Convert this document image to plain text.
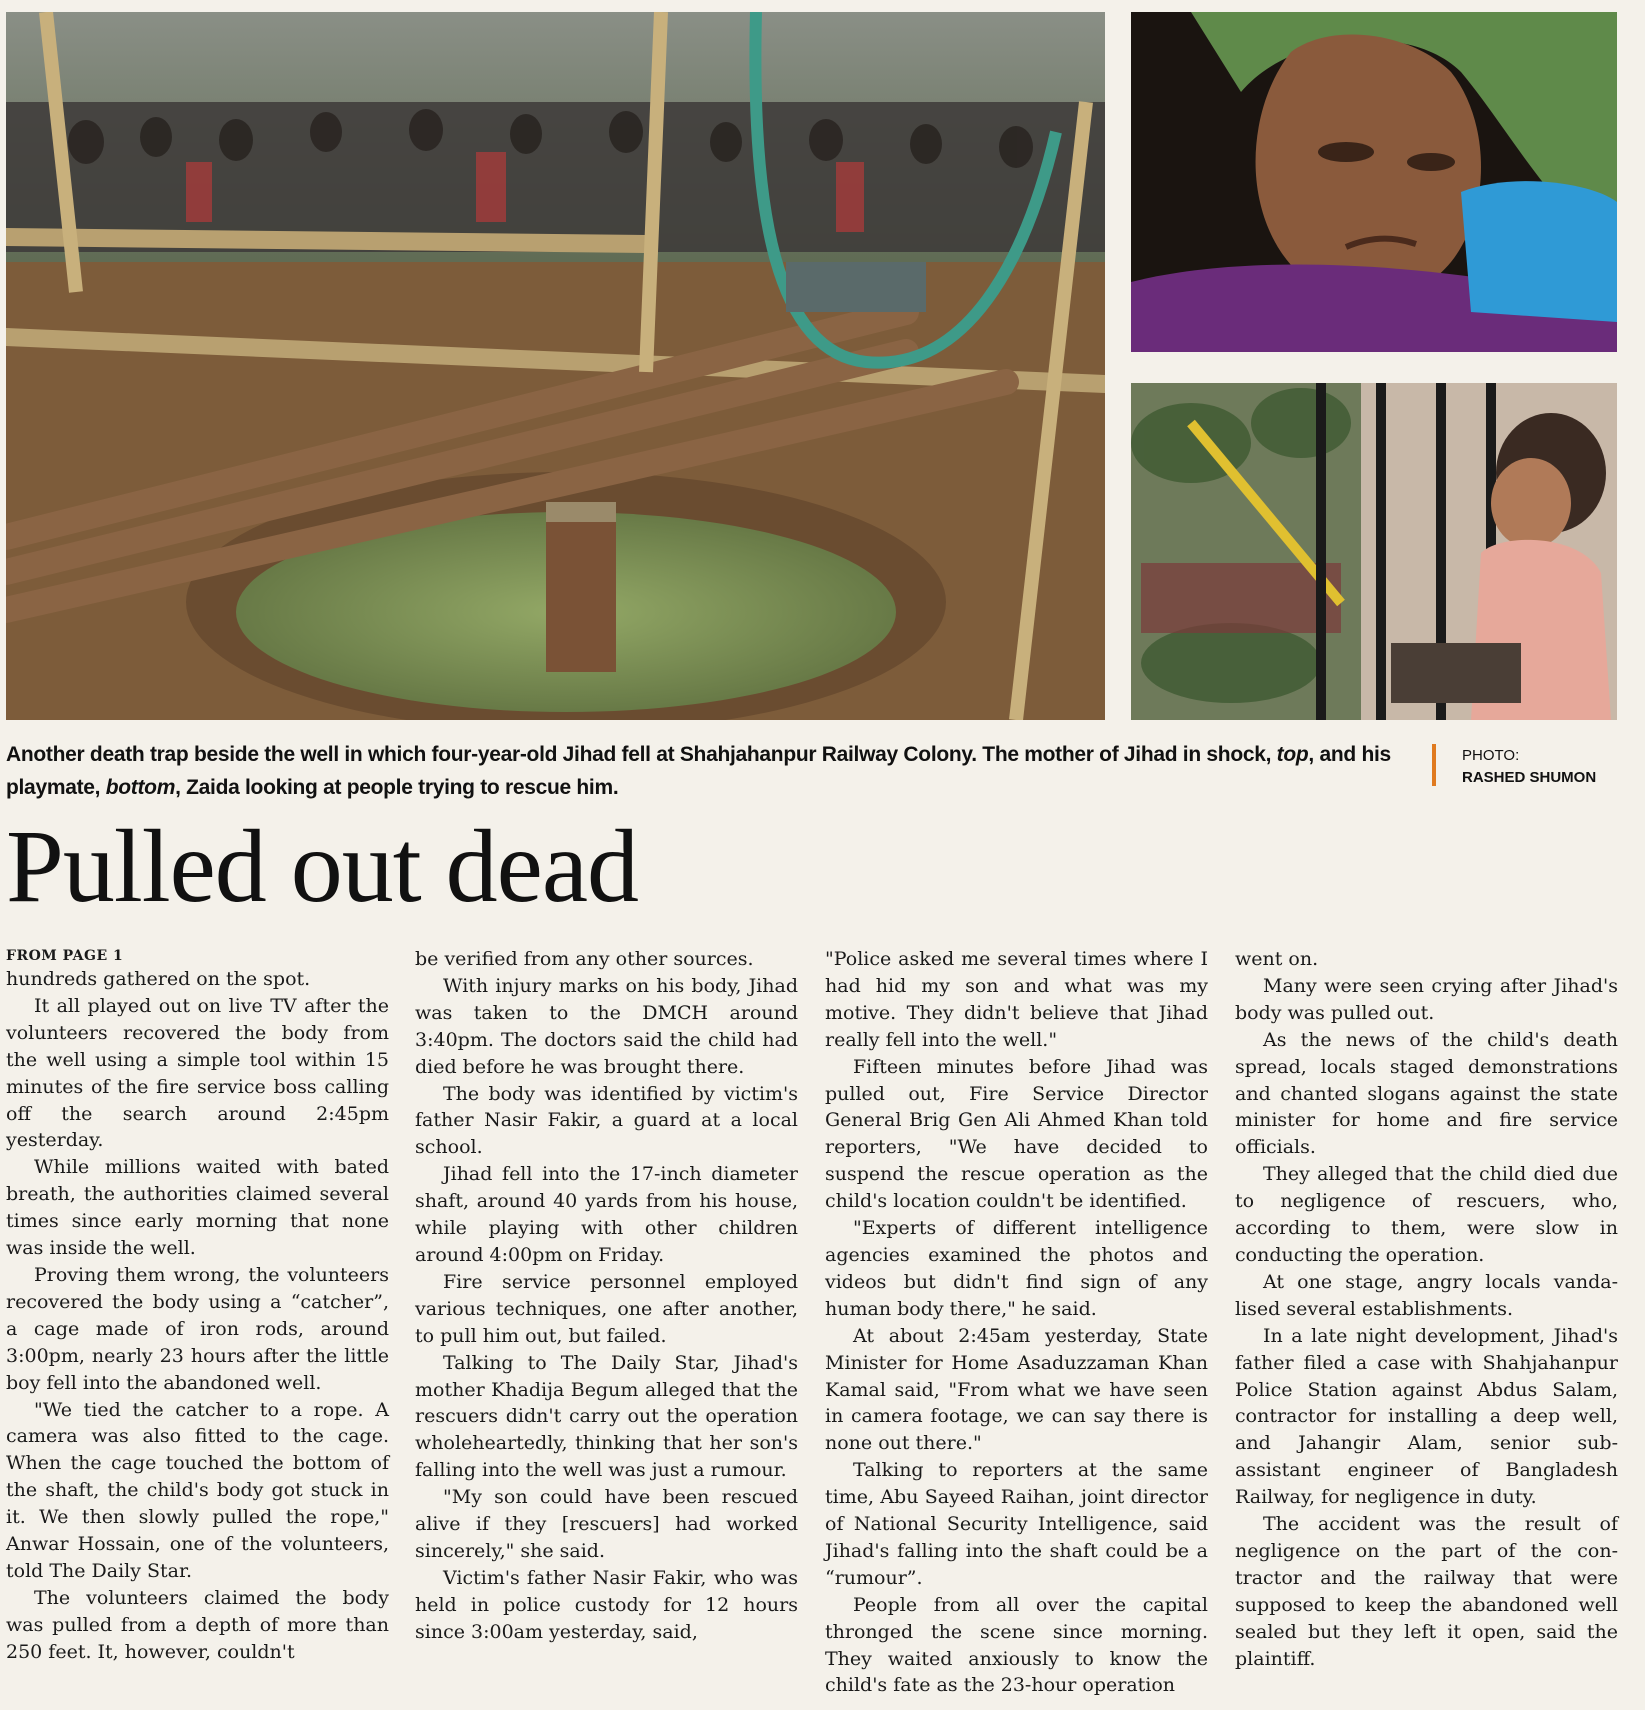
Another death trap beside the well in which four-year-old Jihad fell at Shahjahanpur Railway Colony. The mother of Jihad in shock, top, and his playmate, bottom, Zaida looking at people trying to rescue him.
PHOTO:
RASHED SHUMON
Pulled out dead
FROM PAGE 1

hundreds gathered on the spot.

It all played out on live TV after the volunteers recovered the body from the well using a simple tool within 15 minutes of the fire service boss calling off the search around 2:45pm yesterday.

While millions waited with bated breath, the authorities claimed several times since early morning that none was inside the well.

Proving them wrong, the volunteers recovered the body using a “catcher”, a cage made of iron rods, around 3:00pm, nearly 23 hours after the little boy fell into the abandoned well.

"We tied the catcher to a rope. A camera was also fitted to the cage. When the cage touched the bottom of the shaft, the child's body got stuck in it. We then slowly pulled the rope," Anwar Hossain, one of the volunteers, told The Daily Star.

The volunteers claimed the body was pulled from a depth of more than 250 feet. It, however, couldn't

be verified from any other sources.

With injury marks on his body, Jihad was taken to the DMCH around 3:40pm. The doctors said the child had died before he was brought there.

The body was identified by victim's father Nasir Fakir, a guard at a local school.

Jihad fell into the 17-inch diameter shaft, around 40 yards from his house, while playing with other children around 4:00pm on Friday.

Fire service personnel employed various techniques, one after another, to pull him out, but failed.

Talking to The Daily Star, Jihad's mother Khadija Begum alleged that the rescuers didn't carry out the operation wholeheartedly, thinking that her son's falling into the well was just a rumour.

"My son could have been rescued alive if they [rescuers] had worked sincerely," she said.

Victim's father Nasir Fakir, who was held in police custody for 12 hours since 3:00am yesterday, said,

"Police asked me several times where I had hid my son and what was my motive. They didn't believe that Jihad really fell into the well."

Fifteen minutes before Jihad was pulled out, Fire Service Director General Brig Gen Ali Ahmed Khan told reporters, "We have decided to suspend the rescue operation as the child's location couldn't be identified.

"Experts of different intelligence agencies examined the photos and videos but didn't find sign of any human body there," he said.

At about 2:45am yesterday, State Minister for Home Asaduzzaman Khan Kamal said, "From what we have seen in camera footage, we can say there is none out there."

Talking to reporters at the same time, Abu Sayeed Raihan, joint director of National Security Intelligence, said Jihad's falling into the shaft could be a “rumour”.

People from all over the capital thronged the scene since morning. They waited anxiously to know the child's fate as the 23-hour operation

went on.

Many were seen crying after Jihad's body was pulled out.

As the news of the child's death spread, locals staged demonstrations and chanted slogans against the state minister for home and fire service officials.

They alleged that the child died due to negligence of rescuers, who, according to them, were slow in conducting the operation.

At one stage, angry locals vandalised several establishments.

In a late night development, Jihad's father filed a case with Shahjahanpur Police Station against Abdus Salam, contractor for installing a deep well, and Jahangir Alam, senior sub-assistant engineer of Bangladesh Railway, for negligence in duty.

The accident was the result of negligence on the part of the contractor and the railway that were supposed to keep the abandoned well sealed but they left it open, said the plaintiff.
